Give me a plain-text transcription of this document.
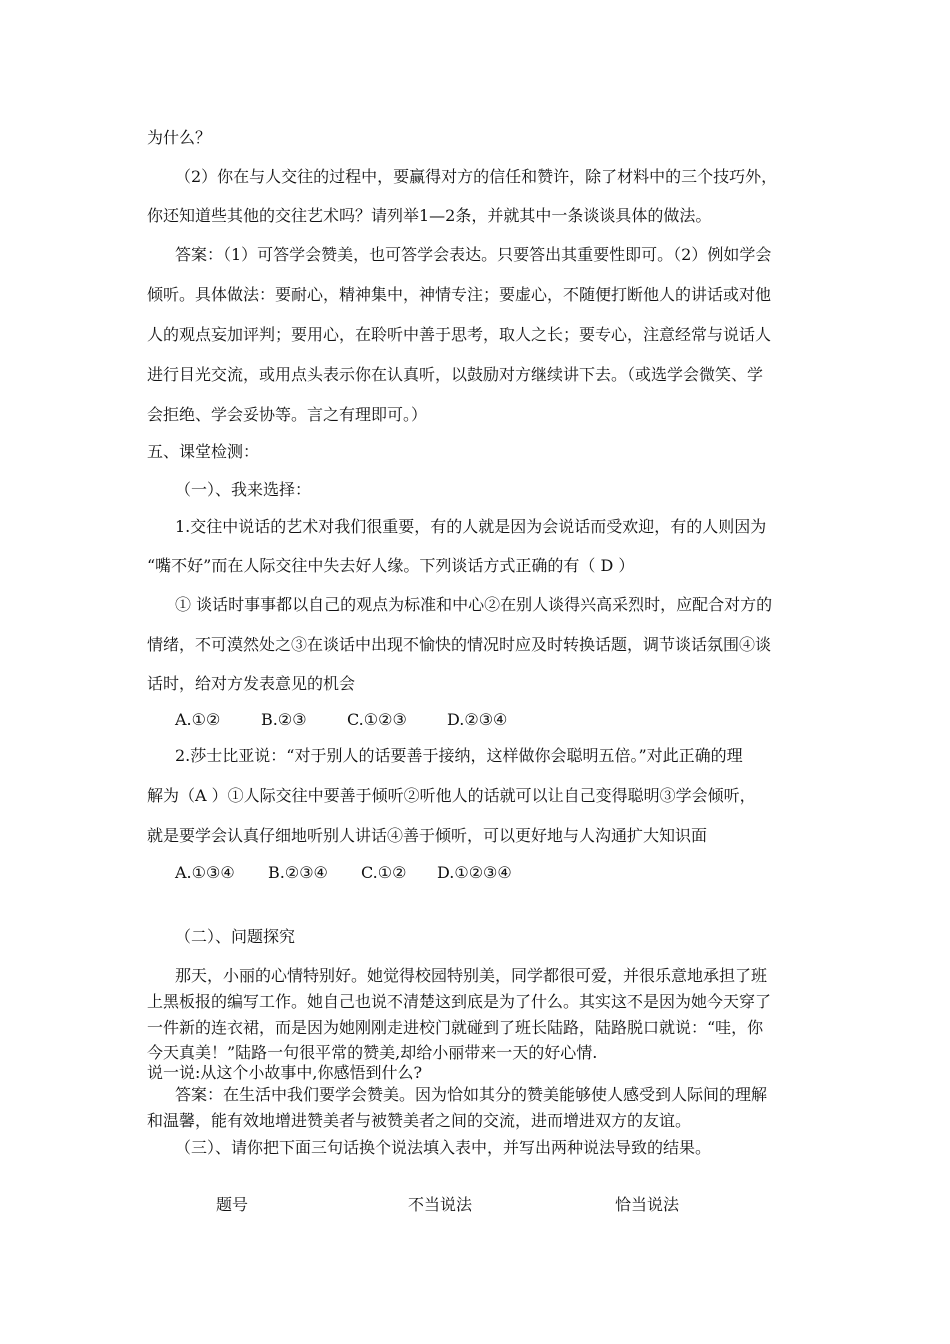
为什么？
（2）你在与人交往的过程中，要赢得对方的信任和赞许，除了材料中的三个技巧外，
你还知道些其他的交往艺术吗？请列举1—2条，并就其中一条谈谈具体的做法。
答案：（1）可答学会赞美，也可答学会表达。只要答出其重要性即可。（2）例如学会
倾听。具体做法：要耐心，精神集中，神情专注；要虚心，不随便打断他人的讲话或对他
人的观点妄加评判；要用心，在聆听中善于思考，取人之长；要专心，注意经常与说话人
进行目光交流，或用点头表示你在认真听，以鼓励对方继续讲下去。（或选学会微笑、学
会拒绝、学会妥协等。言之有理即可。）
五、课堂检测：
（一）、我来选择：
1.交往中说话的艺术对我们很重要，有的人就是因为会说话而受欢迎，有的人则因为
“嘴不好”而在人际交往中失去好人缘。下列谈话方式正确的有（ D ）
① 谈话时事事都以自己的观点为标准和中心②在别人谈得兴高采烈时，应配合对方的
情绪，不可漠然处之③在谈话中出现不愉快的情况时应及时转换话题，调节谈话氛围④谈
话时，给对方发表意见的机会
A.①②	B.②③	C.①②③	D.②③④
2.莎士比亚说：“对于别人的话要善于接纳，这样做你会聪明五倍。”对此正确的理
解为（A ）①人际交往中要善于倾听②听他人的话就可以让自己变得聪明③学会倾听，
就是要学会认真仔细地听别人讲话④善于倾听，可以更好地与人沟通扩大知识面
A.①③④ B.②③④ C.①② D.①②③④
（二）、问题探究
那天，小丽的心情特别好。她觉得校园特别美，同学都很可爱，并很乐意地承担了班
上黑板报的编写工作。她自己也说不清楚这到底是为了什么。其实这不是因为她今天穿了
一件新的连衣裙，而是因为她刚刚走进校门就碰到了班长陆路，陆路脱口就说：“哇，你
今天真美！”陆路一句很平常的赞美,却给小丽带来一天的好心情.
说一说:从这个小故事中,你感悟到什么?
答案：在生活中我们要学会赞美。因为恰如其分的赞美能够使人感受到人际间的理解
和温馨，能有效地增进赞美者与被赞美者之间的交流，进而增进双方的友谊。
（三）、请你把下面三句话换个说法填入表中，并写出两种说法导致的结果。
题号	不当说法	恰当说法
